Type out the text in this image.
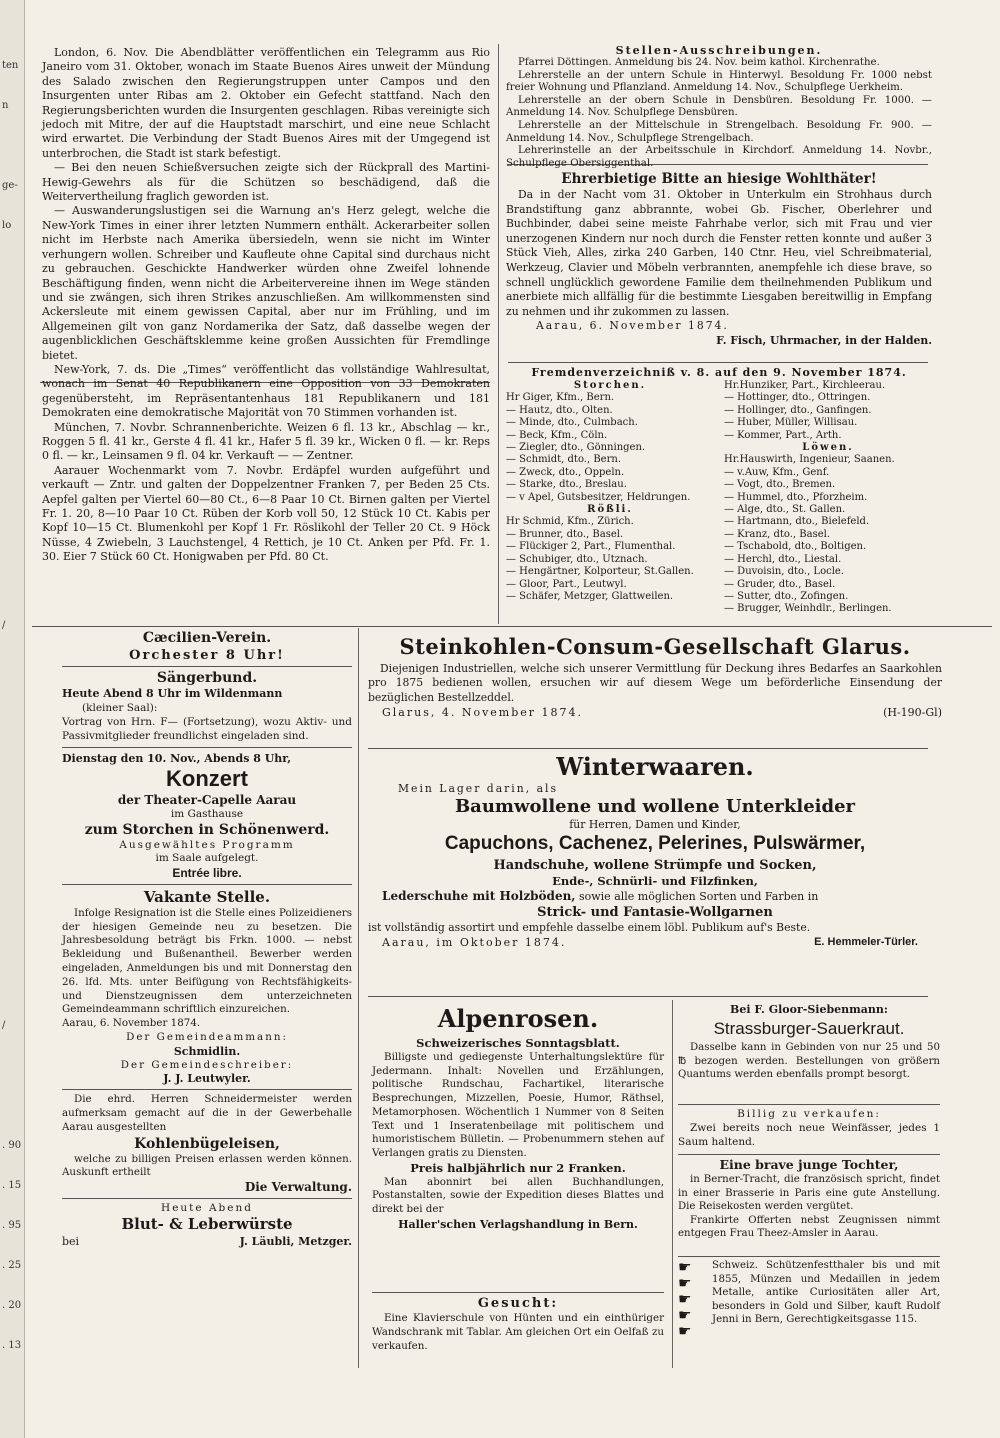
ten
n
ge-
lo
/
/
. 90
. 15
. 95
. 25
. 20
. 13

London, 6. Nov. Die Abendblätter veröffentlichen ein Telegramm aus Rio Janeiro vom 31. Oktober, wonach im Staate Buenos Aires unweit der Mündung des Salado zwischen den Regierungstruppen unter Campos und den Insurgenten unter Ribas am 2. Oktober ein Gefecht stattfand. Nach den Regierungsberichten wurden die Insurgenten geschlagen. Ribas vereinigte sich jedoch mit Mitre, der auf die Hauptstadt marschirt, und eine neue Schlacht wird erwartet. Die Verbindung der Stadt Buenos Aires mit der Umgegend ist unterbrochen, die Stadt ist stark befestigt.

— Bei den neuen Schießversuchen zeigte sich der Rückprall des Martini-Hewig-Gewehrs als für die Schützen so beschädigend, daß die Weitervertheilung fraglich geworden ist.

— Auswanderungslustigen sei die Warnung an's Herz gelegt, welche die New-York Times in einer ihrer letzten Nummern enthält. Ackerarbeiter sollen nicht im Herbste nach Amerika übersiedeln, wenn sie nicht im Winter verhungern wollen. Schreiber und Kaufleute ohne Capital sind durchaus nicht zu gebrauchen. Geschickte Handwerker würden ohne Zweifel lohnende Beschäftigung finden, wenn nicht die Arbeitervereine ihnen im Wege ständen und sie zwängen, sich ihren Strikes anzuschließen. Am willkommensten sind Ackersleute mit einem gewissen Capital, aber nur im Frühling, und im Allgemeinen gilt von ganz Nordamerika der Satz, daß dasselbe wegen der augenblicklichen Geschäftsklemme keine großen Aussichten für Fremdlinge bietet.

New-York, 7. ds. Die „Times“ veröffentlicht das vollständige Wahlresultat, wonach im Senat 40 Republikanern eine Opposition von 33 Demokraten gegenübersteht, im Repräsentantenhaus 181 Republikanern und 181 Demokraten eine demokratische Majorität von 70 Stimmen vorhanden ist.

München, 7. Novbr. Schrannenberichte. Weizen 6 fl. 13 kr., Abschlag — kr., Roggen 5 fl. 41 kr., Gerste 4 fl. 41 kr., Hafer 5 fl. 39 kr., Wicken 0 fl. — kr. Reps 0 fl. — kr., Leinsamen 9 fl. 04 kr. Verkauft — — Zentner.

Aarauer Wochenmarkt vom 7. Novbr. Erdäpfel wurden aufgeführt und verkauft — Zntr. und galten der Doppelzentner Franken 7, per Beden 25 Cts. Aepfel galten per Viertel 60—80 Ct., 6—8 Paar 10 Ct. Birnen galten per Viertel Fr. 1. 20, 8—10 Paar 10 Ct. Rüben der Korb voll 50, 12 Stück 10 Ct. Kabis per Kopf 10—15 Ct. Blumenkohl per Kopf 1 Fr. Röslikohl der Teller 20 Ct. 9 Höck Nüsse, 4 Zwiebeln, 3 Lauchstengel, 4 Rettich, je 10 Ct. Anken per Pfd. Fr. 1. 30. Eier 7 Stück 60 Ct. Honigwaben per Pfd. 80 Ct.

Stellen-Ausschreibungen.

Pfarrei Döttingen. Anmeldung bis 24. Nov. beim kathol. Kirchenrathe.

Lehrerstelle an der untern Schule in Hinterwyl. Besoldung Fr. 1000 nebst freier Wohnung und Pflanzland. Anmeldung 14. Nov., Schulpflege Uerkheim.

Lehrerstelle an der obern Schule in Densbüren. Besoldung Fr. 1000. — Anmeldung 14. Nov. Schulpflege Densbüren.

Lehrerstelle an der Mittelschule in Strengelbach. Besoldung Fr. 900. — Anmeldung 14. Nov., Schulpflege Strengelbach.

Lehrerinstelle an der Arbeitsschule in Kirchdorf. Anmeldung 14. Novbr., Schulpflege Obersiggenthal.

Ehrerbietige Bitte an hiesige Wohlthäter!

Da in der Nacht vom 31. Oktober in Unterkulm ein Strohhaus durch Brandstiftung ganz abbrannte, wobei Gb. Fischer, Oberlehrer und Buchbinder, dabei seine meiste Fahrhabe verlor, sich mit Frau und vier unerzogenen Kindern nur noch durch die Fenster retten konnte und außer 3 Stück Vieh, Alles, zirka 240 Garben, 140 Ctnr. Heu, viel Schreibmaterial, Werkzeug, Clavier und Möbeln verbrannten, anempfehle ich diese brave, so schnell unglücklich gewordene Familie dem theilnehmenden Publikum und anerbiete mich allfällig für die bestimmte Liesgaben bereitwillig in Empfang zu nehmen und ihr zukommen zu lassen.

Aarau, 6. November 1874.
F. Fisch, Uhrmacher, in der Halden.
Fremdenverzeichniß v. 8. auf den 9. November 1874.
Storchen.
Hr Giger, Kfm., Bern.
— Hautz, dto., Olten.
— Minde, dto., Culmbach.
— Beck, Kfm., Cöln.
— Ziegler, dto., Gönningen.
— Schmidt, dto., Bern.
— Zweck, dto., Oppeln.
— Starke, dto., Breslau.
— v Apel, Gutsbesitzer, Heldrungen.
Rößli.
Hr Schmid, Kfm., Zürich.
— Brunner, dto., Basel.
— Flückiger 2, Part., Flumenthal.
— Schubiger, dto., Utznach.
— Hengärtner, Kolporteur, St.Gallen.
— Gloor, Part., Leutwyl.
— Schäfer, Metzger, Glattweilen.
Hr.Hunziker, Part., Kirchleerau.
— Hottinger, dto., Ottringen.
— Hollinger, dto., Ganfingen.
— Huber, Müller, Willisau.
— Kommer, Part., Arth.
Löwen.
Hr.Hauswirth, Ingenieur, Saanen.
— v.Auw, Kfm., Genf.
— Vogt, dto., Bremen.
— Hummel, dto., Pforzheim.
— Alge, dto., St. Gallen.
— Hartmann, dto., Bielefeld.
— Kranz, dto., Basel.
— Tschabold, dto., Boltigen.
— Herchl, dto., Liestal.
— Duvoisin, dto., Locle.
— Gruder, dto., Basel.
— Sutter, dto., Zofingen.
— Brugger, Weinhdlr., Berlingen.
Cæcilien-Verein.
Orchester 8 Uhr!
Sängerbund.
Heute Abend 8 Uhr im Wildenmann
(kleiner Saal):
Vortrag von Hrn. F— (Fortsetzung), wozu Aktiv- und Passivmitglieder freundlichst eingeladen sind.
Dienstag den 10. Nov., Abends 8 Uhr,
Konzert
der Theater-Capelle Aarau
im Gasthause
zum Storchen in Schönenwerd.
Ausgewähltes Programm
im Saale aufgelegt.
Entrée libre.
Vakante Stelle.

Infolge Resignation ist die Stelle eines Polizeidieners der hiesigen Gemeinde neu zu besetzen. Die Jahresbesoldung beträgt bis Frkn. 1000. — nebst Bekleidung und Bußenantheil. Bewerber werden eingeladen, Anmeldungen bis und mit Donnerstag den 26. lfd. Mts. unter Beifügung von Rechtsfähigkeits- und Dienstzeugnissen dem unterzeichneten Gemeindeammann schriftlich einzureichen.

Aarau, 6. November 1874.
Der Gemeindeammann:
Schmidlin.
Der Gemeindeschreiber:
J. J. Leutwyler.

Die ehrd. Herren Schneidermeister werden aufmerksam gemacht auf die in der Gewerbehalle Aarau ausgestellten

Kohlenbügeleisen,

welche zu billigen Preisen erlassen werden können. Auskunft ertheilt

Die Verwaltung.
Heute Abend
Blut- & Leberwürste
bei	J. Läubli, Metzger.
Steinkohlen-Consum-Gesellschaft Glarus.

Diejenigen Industriellen, welche sich unserer Vermittlung für Deckung ihres Bedarfes an Saarkohlen pro 1875 bedienen wollen, ersuchen wir auf diesem Wege um beförderliche Einsendung der bezüglichen Bestellzeddel.

Glarus, 4. November 1874.	(H-190-Gl)
Winterwaaren.
Mein Lager darin, als
Baumwollene und wollene Unterkleider
für Herren, Damen und Kinder,
Capuchons, Cachenez, Pelerines, Pulswärmer,
Handschuhe, wollene Strümpfe und Socken,
Ende-, Schnürli- und Filzfinken,
Lederschuhe mit Holzböden, sowie alle möglichen Sorten und Farben in
Strick- und Fantasie-Wollgarnen
ist vollständig assortirt und empfehle dasselbe einem löbl. Publikum auf's Beste.
Aarau, im Oktober 1874.	E. Hemmeler-Türler.
Alpenrosen.
Schweizerisches Sonntagsblatt.

Billigste und gediegenste Unterhaltungslektüre für Jedermann. Inhalt: Novellen und Erzählungen, politische Rundschau, Fachartikel, literarische Besprechungen, Mizzellen, Poesie, Humor, Räthsel, Metamorphosen. Wöchentlich 1 Nummer von 8 Seiten Text und 1 Inseratenbeilage mit politischem und humoristischem Bülletin. — Probenummern stehen auf Verlangen gratis zu Diensten.

Preis halbjährlich nur 2 Franken.

Man abonnirt bei allen Buchhandlungen, Postanstalten, sowie der Expedition dieses Blattes und direkt bei der

Haller'schen Verlagshandlung in Bern.
Gesucht:

Eine Klavierschule von Hünten und ein einthüriger Wandschrank mit Tablar. Am gleichen Ort ein Oelfaß zu verkaufen.

Bei F. Gloor-Siebenmann:
Strassburger-Sauerkraut.

Dasselbe kann in Gebinden von nur 25 und 50 ℔ bezogen werden. Bestellungen von größern Quantums werden ebenfalls prompt besorgt.

Billig zu verkaufen:

Zwei bereits noch neue Weinfässer, jedes 1 Saum haltend.

Eine brave junge Tochter,

in Berner-Tracht, die französisch spricht, findet in einer Brasserie in Paris eine gute Anstellung. Die Reisekosten werden vergütet.

Frankirte Offerten nebst Zeugnissen nimmt entgegen Frau Theez-Amsler in Aarau.

☛
☛
☛
☛
☛
Schweiz. Schützenfestthaler bis und mit 1855, Münzen und Medaillen in jedem Metalle, antike Curiositäten aller Art, besonders in Gold und Silber, kauft Rudolf Jenni in Bern, Gerechtigkeitsgasse 115.
